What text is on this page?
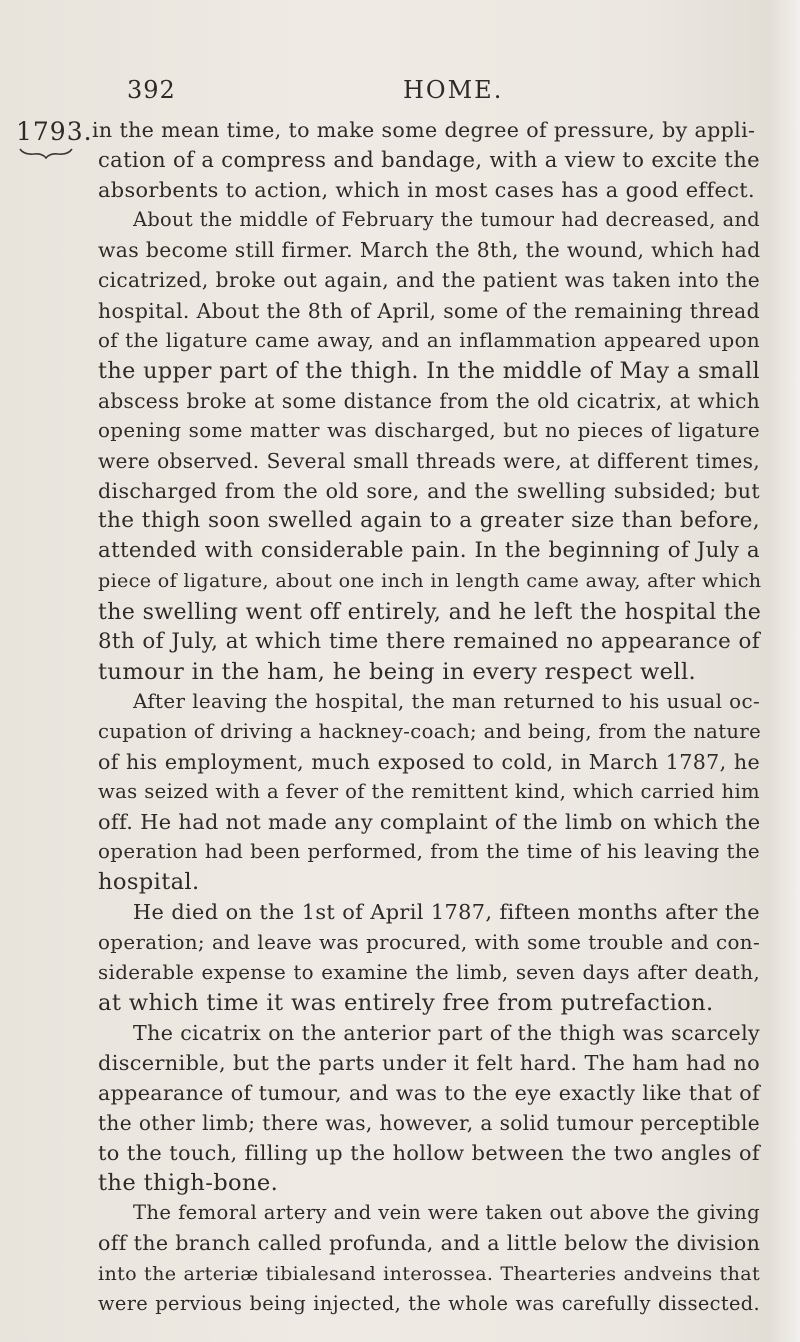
392	HOME.
1793. in the mean time, to make some degree of pressure, by appli-
cation of a compress and bandage, with a view to excite the
absorbents to action, which in most cases has a good effect.
About the middle of February the tumour had decreased, and
was become still firmer. March the 8th, the wound, which had
cicatrized, broke out again, and the patient was taken into the
hospital. About the 8th of April, some of the remaining thread
of the ligature came away, and an inflammation appeared upon
the upper part of the thigh. In the middle of May a small
abscess broke at some distance from the old cicatrix, at which
opening some matter was discharged, but no pieces of ligature
were observed. Several small threads were, at different times,
discharged from the old sore, and the swelling subsided; but
the thigh soon swelled again to a greater size than before,
attended with considerable pain. In the beginning of July a
piece of ligature, about one inch in length came away, after which
the swelling went off entirely, and he left the hospital the
8th of July, at which time there remained no appearance of
tumour in the ham, he being in every respect well.
After leaving the hospital, the man returned to his usual oc-
cupation of driving a hackney-coach; and being, from the nature
of his employment, much exposed to cold, in March 1787, he
was seized with a fever of the remittent kind, which carried him
off. He had not made any complaint of the limb on which the
operation had been performed, from the time of his leaving the
hospital.
He died on the 1st of April 1787, fifteen months after the
operation; and leave was procured, with some trouble and con-
siderable expense to examine the limb, seven days after death,
at which time it was entirely free from putrefaction.
The cicatrix on the anterior part of the thigh was scarcely
discernible, but the parts under it felt hard. The ham had no
appearance of tumour, and was to the eye exactly like that of
the other limb; there was, however, a solid tumour perceptible
to the touch, filling up the hollow between the two angles of
the thigh-bone.
The femoral artery and vein were taken out above the giving
off the branch called profunda, and a little below the division
into the arteriæ tibialesand interossea. Thearteries andveins that
were pervious being injected, the whole was carefully dissected.
